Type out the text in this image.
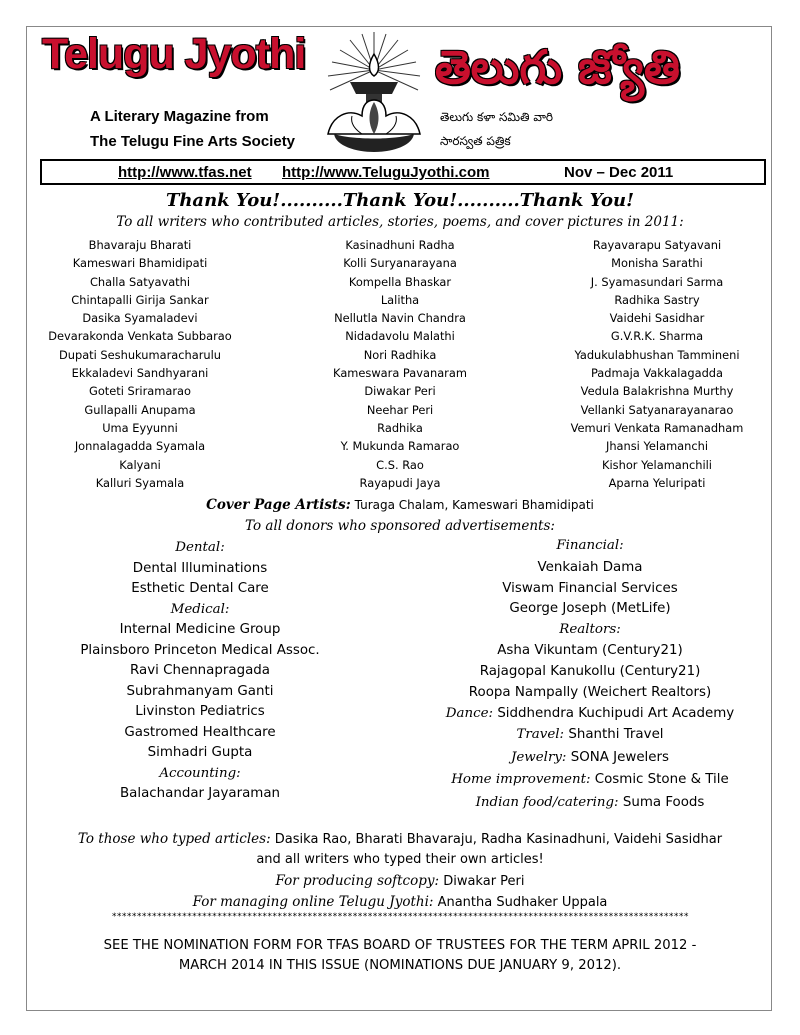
Telugu Jyothi	తెలుగు జ్యోతి
A Literary Magazine from
The Telugu Fine Arts Society
తెలుగు కళా సమితి వారి
సారస్వత పత్రిక
http://www.tfas.net http://www.TeluguJyothi.com	Nov – Dec 2011
Thank You!..........Thank You!..........Thank You!
To all writers who contributed articles, stories, poems, and cover pictures in 2011:
Bhavaraju Bharati
Kameswari Bhamidipati
Challa Satyavathi
Chintapalli Girija Sankar
Dasika Syamaladevi
Devarakonda Venkata Subbarao
Dupati Seshukumaracharulu
Ekkaladevi Sandhyarani
Goteti Sriramarao
Gullapalli Anupama
Uma Eyyunni
Jonnalagadda Syamala
Kalyani
Kalluri Syamala
Kasinadhuni Radha
Kolli Suryanarayana
Kompella Bhaskar
Lalitha
Nellutla Navin Chandra
Nidadavolu Malathi
Nori Radhika
Kameswara Pavanaram
Diwakar Peri
Neehar Peri
Radhika
Y. Mukunda Ramarao
C.S. Rao
Rayapudi Jaya
Rayavarapu Satyavani
Monisha Sarathi
J. Syamasundari Sarma
Radhika Sastry
Vaidehi Sasidhar
G.V.R.K. Sharma
Yadukulabhushan Tammineni
Padmaja Vakkalagadda
Vedula Balakrishna Murthy
Vellanki Satyanarayanarao
Vemuri Venkata Ramanadham
Jhansi Yelamanchi
Kishor Yelamanchili
Aparna Yeluripati
Cover Page Artists: Turaga Chalam, Kameswari Bhamidipati
To all donors who sponsored advertisements:
Dental:
Dental Illuminations
Esthetic Dental Care
Medical:
Internal Medicine Group
Plainsboro Princeton Medical Assoc.
Ravi Chennapragada
Subrahmanyam Ganti
Livinston Pediatrics
Gastromed Healthcare
Simhadri Gupta
Accounting:
Balachandar Jayaraman
Financial:
Venkaiah Dama
Viswam Financial Services
George Joseph (MetLife)
Realtors:
Asha Vikuntam (Century21)
Rajagopal Kanukollu (Century21)
Roopa Nampally (Weichert Realtors)
Dance: Siddhendra Kuchipudi Art Academy
Travel: Shanthi Travel
Jewelry: SONA Jewelers
Home improvement: Cosmic Stone & Tile
Indian food/catering: Suma Foods
To those who typed articles: Dasika Rao, Bharati Bhavaraju, Radha Kasinadhuni, Vaidehi Sasidhar
and all writers who typed their own articles!
For producing softcopy: Diwakar Peri
For managing online Telugu Jyothi: Anantha Sudhaker Uppala
*******************************************************************************************************************
SEE THE NOMINATION FORM FOR TFAS BOARD OF TRUSTEES FOR THE TERM APRIL 2012 -
MARCH 2014 IN THIS ISSUE (NOMINATIONS DUE JANUARY 9, 2012).
